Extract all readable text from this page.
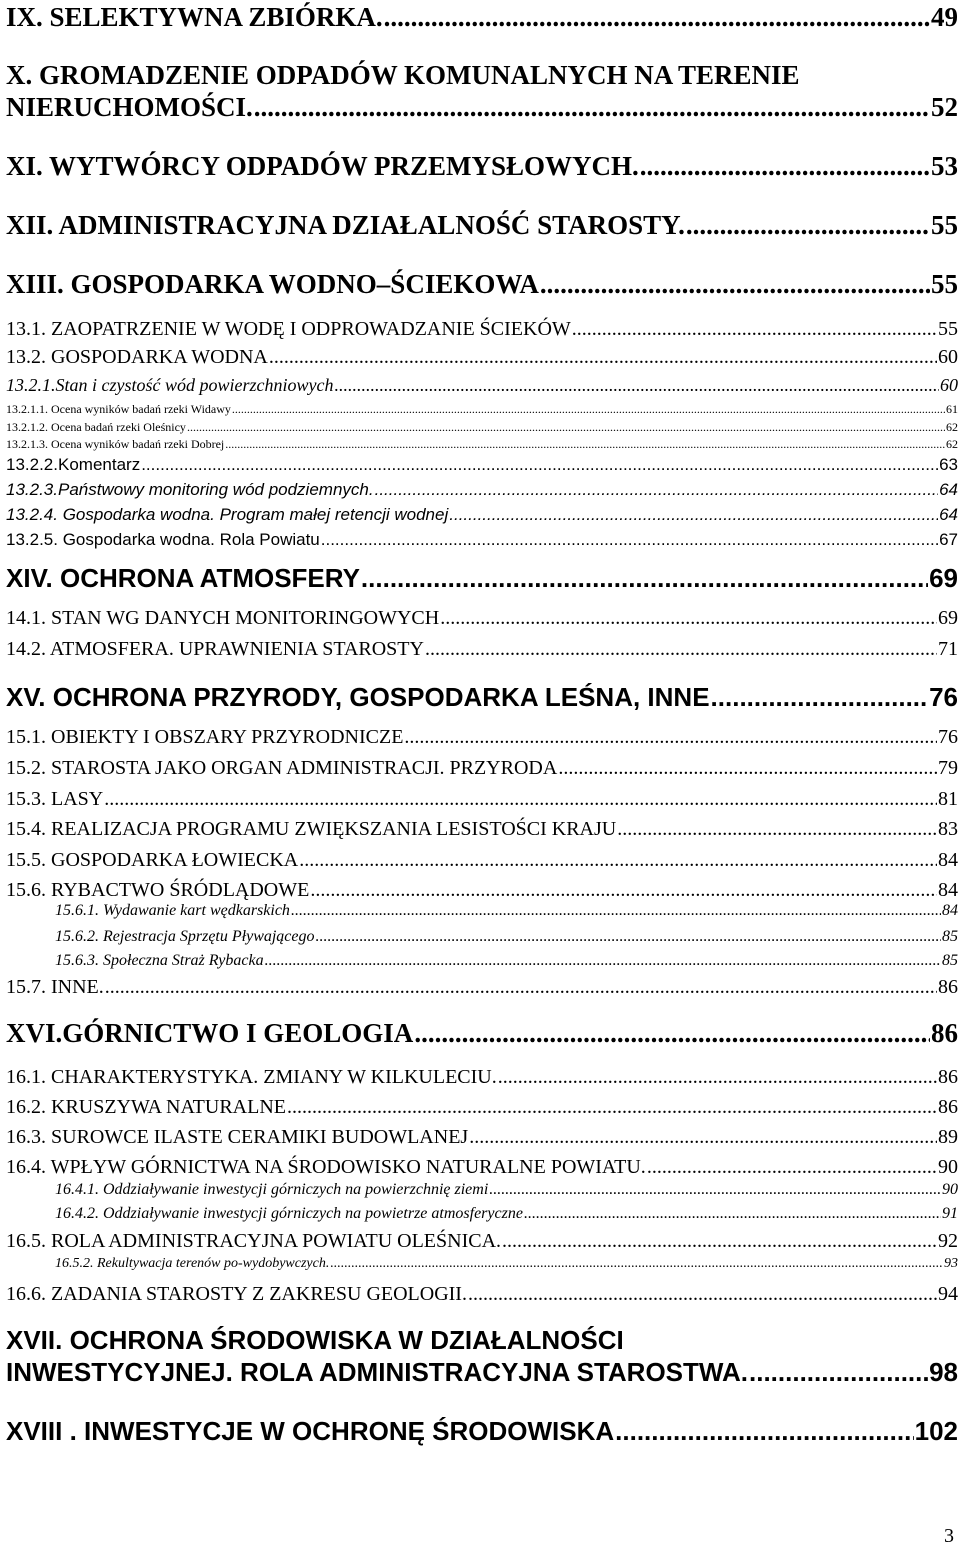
IX. SELEKTYWNA ZBIÓRKA. .....	49
X. GROMADZENIE ODPADÓW KOMUNALNYCH NA TERENIE
NIERUCHOMOŚCI. .....	52
XI. WYTWÓRCY ODPADÓW PRZEMYSŁOWYCH. .....	53
XII. ADMINISTRACYJNA DZIAŁALNOŚĆ STAROSTY. .....	55
XIII. GOSPODARKA WODNO–ŚCIEKOWA .....	55
13.1. ZAOPATRZENIE W WODĘ I ODPROWADZANIE ŚCIEKÓW .....	55
13.2. GOSPODARKA WODNA .....	60
13.2.1.Stan i czystość wód powierzchniowych .....	60
13.2.1.1. Ocena wyników badań rzeki Widawy .....	61
13.2.1.2. Ocena badań rzeki Oleśnicy .....	62
13.2.1.3. Ocena wyników badań rzeki Dobrej .....	62
13.2.2.Komentarz .....	63
13.2.3.Państwowy monitoring wód podziemnych. .....	64
13.2.4. Gospodarka wodna. Program małej retencji wodnej .....	64
13.2.5. Gospodarka wodna. Rola Powiatu .....	67
XIV. OCHRONA ATMOSFERY .....	69
14.1. STAN WG DANYCH MONITORINGOWYCH .....	69
14.2. ATMOSFERA. UPRAWNIENIA STAROSTY .....	71
XV. OCHRONA PRZYRODY, GOSPODARKA LEŚNA, INNE .....	76
15.1. OBIEKTY I OBSZARY PRZYRODNICZE .....	76
15.2. STAROSTA JAKO ORGAN ADMINISTRACJI. PRZYRODA .....	79
15.3. LASY .....	81
15.4. REALIZACJA PROGRAMU ZWIĘKSZANIA LESISTOŚCI KRAJU .....	83
15.5. GOSPODARKA ŁOWIECKA .....	84
15.6. RYBACTWO ŚRÓDLĄDOWE .....	84
15.6.1. Wydawanie kart wędkarskich .....	84
15.6.2. Rejestracja Sprzętu Pływającego .....	85
15.6.3. Społeczna Straż Rybacka .....	85
15.7. INNE. .....	86
XVI.GÓRNICTWO I GEOLOGIA .....	86
16.1. CHARAKTERYSTYKA. ZMIANY W KILKULECIU. .....	86
16.2. KRUSZYWA NATURALNE .....	86
16.3. SUROWCE ILASTE CERAMIKI BUDOWLANEJ .....	89
16.4. WPŁYW GÓRNICTWA NA ŚRODOWISKO NATURALNE POWIATU. .....	90
16.4.1. Oddziaływanie inwestycji górniczych na powierzchnię ziemi .....	90
16.4.2. Oddziaływanie inwestycji górniczych na powietrze atmosferyczne .....	91
16.5. ROLA ADMINISTRACYJNA POWIATU OLEŚNICA. .....	92
16.5.2. Rekultywacja terenów po-wydobywczych. .....	93
16.6. ZADANIA STAROSTY Z ZAKRESU GEOLOGII. .....	94
XVII. OCHRONA ŚRODOWISKA W DZIAŁALNOŚCI
INWESTYCYJNEJ. ROLA ADMINISTRACYJNA STAROSTWA. .....	98
XVIII . INWESTYCJE W OCHRONĘ ŚRODOWISKA .....	102
3
